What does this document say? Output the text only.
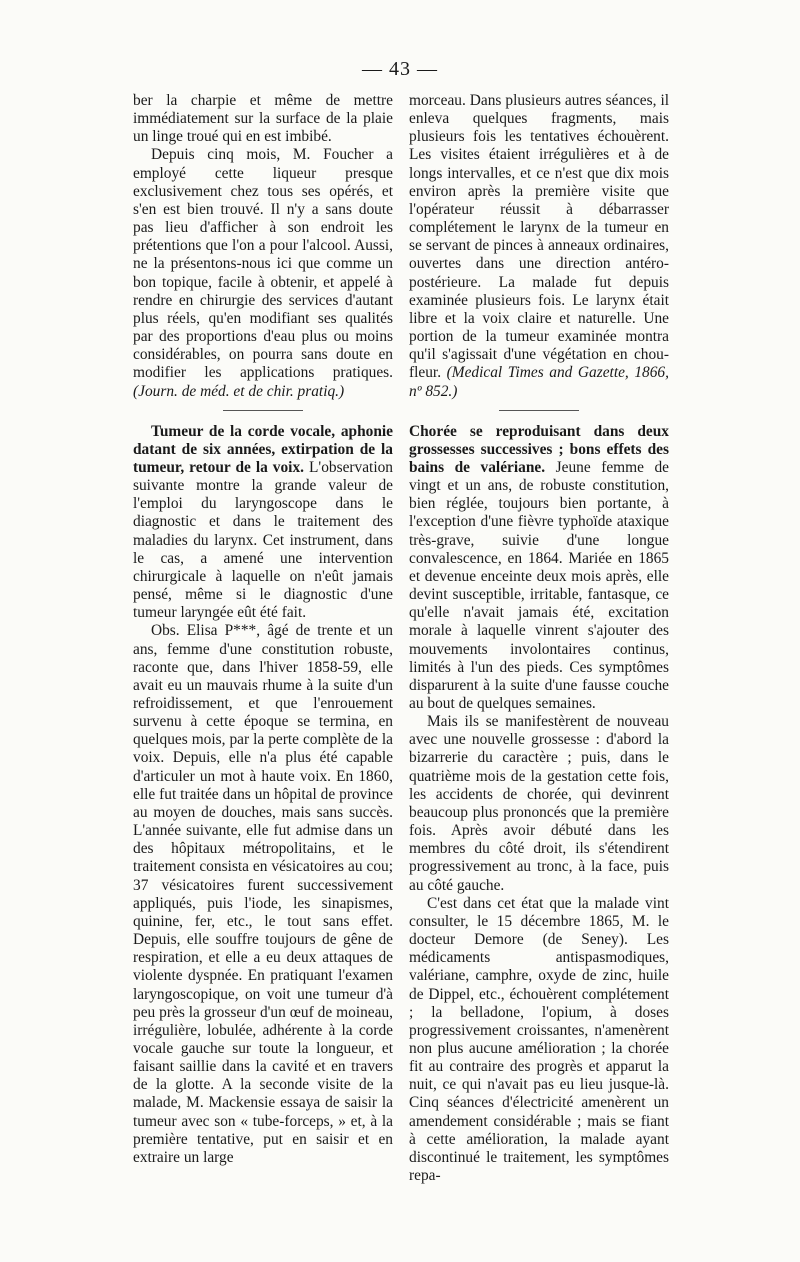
— 43 —

ber la charpie et même de mettre immédiatement sur la surface de la plaie un linge troué qui en est imbibé.

Depuis cinq mois, M. Foucher a employé cette liqueur presque exclusivement chez tous ses opérés, et s'en est bien trouvé. Il n'y a sans doute pas lieu d'afficher à son endroit les prétentions que l'on a pour l'alcool. Aussi, ne la présentons-nous ici que comme un bon topique, facile à obtenir, et appelé à rendre en chirurgie des services d'autant plus réels, qu'en modifiant ses qualités par des proportions d'eau plus ou moins considérables, on pourra sans doute en modifier les applications pratiques. (Journ. de méd. et de chir. pratiq.)

Tumeur de la corde vocale, aphonie datant de six années, extirpation de la tumeur, retour de la voix. L'observation suivante montre la grande valeur de l'emploi du laryngoscope dans le diagnostic et dans le traitement des maladies du larynx. Cet instrument, dans le cas, a amené une intervention chirurgicale à laquelle on n'eût jamais pensé, même si le diagnostic d'une tumeur laryngée eût été fait.

Obs. Elisa P***, âgé de trente et un ans, femme d'une constitution robuste, raconte que, dans l'hiver 1858-59, elle avait eu un mauvais rhume à la suite d'un refroidissement, et que l'enrouement survenu à cette époque se termina, en quelques mois, par la perte complète de la voix. Depuis, elle n'a plus été capable d'articuler un mot à haute voix. En 1860, elle fut traitée dans un hôpital de province au moyen de douches, mais sans succès. L'année suivante, elle fut admise dans un des hôpitaux métropolitains, et le traitement consista en vésicatoires au cou; 37 vésicatoires furent successivement appliqués, puis l'iode, les sinapismes, quinine, fer, etc., le tout sans effet. Depuis, elle souffre toujours de gêne de respiration, et elle a eu deux attaques de violente dyspnée. En pratiquant l'examen laryngoscopique, on voit une tumeur d'à peu près la grosseur d'un œuf de moineau, irrégulière, lobulée, adhérente à la corde vocale gauche sur toute la longueur, et faisant saillie dans la cavité et en travers de la glotte. A la seconde visite de la malade, M. Mackensie essaya de saisir la tumeur avec son « tube-forceps, » et, à la première tentative, put en saisir et en extraire un large

morceau. Dans plusieurs autres séances, il enleva quelques fragments, mais plusieurs fois les tentatives échouèrent. Les visites étaient irrégulières et à de longs intervalles, et ce n'est que dix mois environ après la première visite que l'opérateur réussit à débarrasser complétement le larynx de la tumeur en se servant de pinces à anneaux ordinaires, ouvertes dans une direction antéro-postérieure. La malade fut depuis examinée plusieurs fois. Le larynx était libre et la voix claire et naturelle. Une portion de la tumeur examinée montra qu'il s'agissait d'une végétation en chou-fleur. (Medical Times and Gazette, 1866, nº 852.)

Chorée se reproduisant dans deux grossesses successives ; bons effets des bains de valériane. Jeune femme de vingt et un ans, de robuste constitution, bien réglée, toujours bien portante, à l'exception d'une fièvre typhoïde ataxique très-grave, suivie d'une longue convalescence, en 1864. Mariée en 1865 et devenue enceinte deux mois après, elle devint susceptible, irritable, fantasque, ce qu'elle n'avait jamais été, excitation morale à laquelle vinrent s'ajouter des mouvements involontaires continus, limités à l'un des pieds. Ces symptômes disparurent à la suite d'une fausse couche au bout de quelques semaines.

Mais ils se manifestèrent de nouveau avec une nouvelle grossesse : d'abord la bizarrerie du caractère ; puis, dans le quatrième mois de la gestation cette fois, les accidents de chorée, qui devinrent beaucoup plus prononcés que la première fois. Après avoir débuté dans les membres du côté droit, ils s'étendirent progressivement au tronc, à la face, puis au côté gauche.

C'est dans cet état que la malade vint consulter, le 15 décembre 1865, M. le docteur Demore (de Seney). Les médicaments antispasmodiques, valériane, camphre, oxyde de zinc, huile de Dippel, etc., échouèrent complétement ; la belladone, l'opium, à doses progressivement croissantes, n'amenèrent non plus aucune amélioration ; la chorée fit au contraire des progrès et apparut la nuit, ce qui n'avait pas eu lieu jusque-là. Cinq séances d'électricité amenèrent un amendement considérable ; mais se fiant à cette amélioration, la malade ayant discontinué le traitement, les symptômes repa-
